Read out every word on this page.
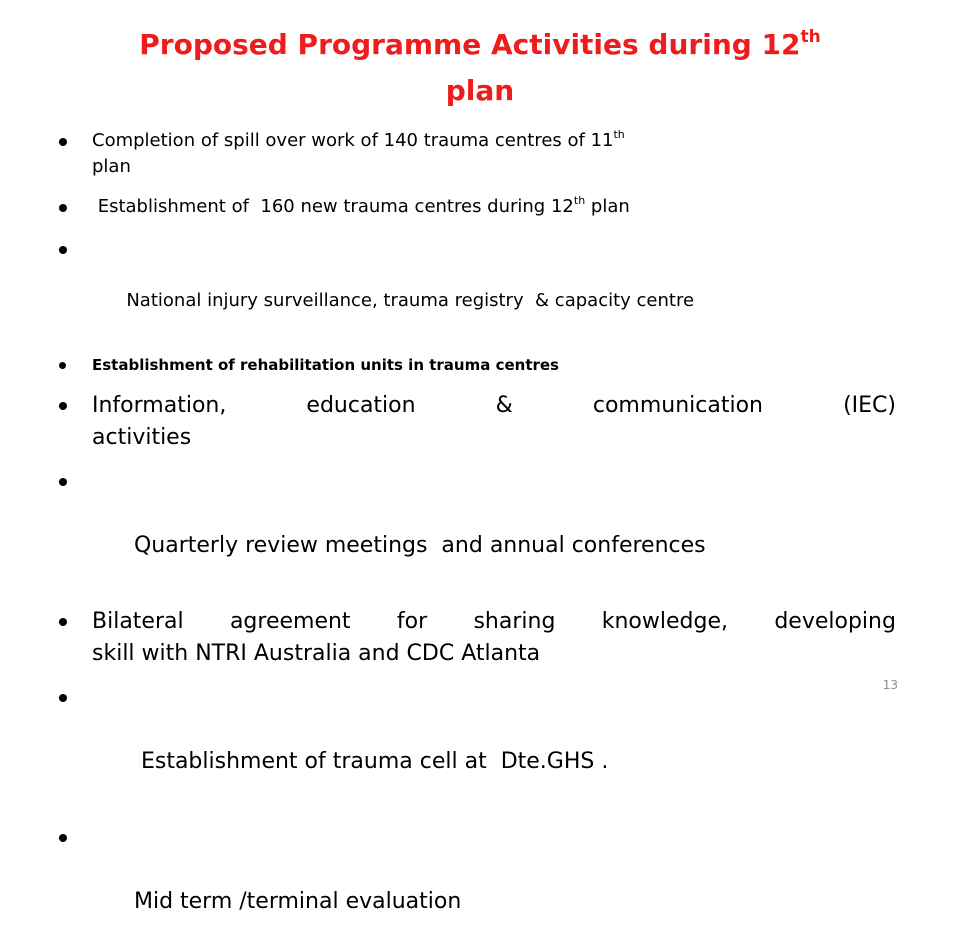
Proposed Programme Activities during 12th
plan
Completion of spill over work of 140 trauma centres of 11th
plan
Establishment of  160 new trauma centres during 12th plan

National injury surveillance, trauma registry  & capacity centre

Establishment of rehabilitation units in trauma centres
Information,	education	&	communication	(IEC)
activities

Quarterly review meetings  and annual conferences

Bilateral agreement for sharing knowledge, developing
skill with NTRI Australia and CDC Atlanta

Establishment of trauma cell at  Dte.GHS .

Mid term /terminal evaluation

13
